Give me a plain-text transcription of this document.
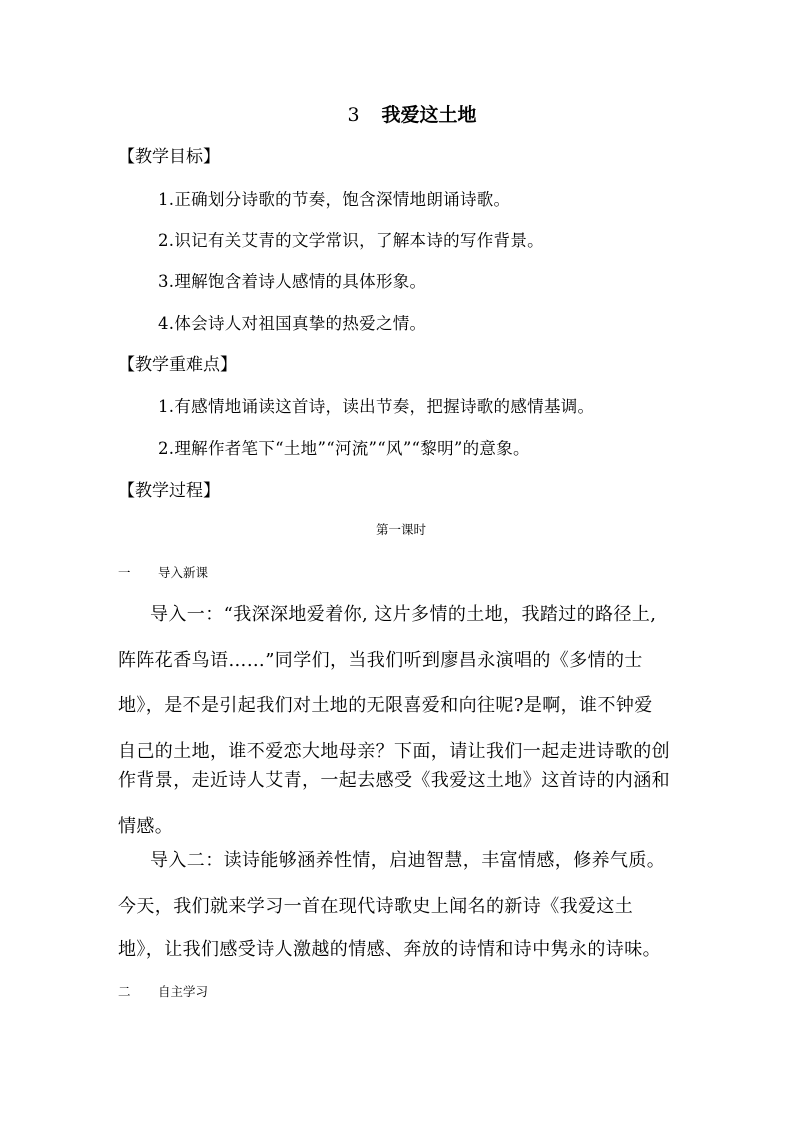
3 我爱这土地
【教学目标】
1.正确划分诗歌的节奏，饱含深情地朗诵诗歌。
2.识记有关艾青的文学常识，了解本诗的写作背景。
3.理解饱含着诗人感情的具体形象。
4.体会诗人对祖国真挚的热爱之情。
【教学重难点】
1.有感情地诵读这首诗，读出节奏，把握诗歌的感情基调。
2.理解作者笔下“土地”“河流”“风”“黎明”的意象。
【教学过程】
第一课时
一 导入新课
导入一：“我深深地爱着你, 这片多情的土地，我踏过的路径上,
阵阵花香鸟语……”同学们，当我们听到廖昌永演唱的《多情的士
地》，是不是引起我们对土地的无限喜爱和向往呢?是啊，谁不钟爱
自己的土地，谁不爱恋大地母亲？下面，请让我们一起走进诗歌的创
作背景，走近诗人艾青，一起去感受《我爱这土地》这首诗的内涵和
情感。
导入二：读诗能够涵养性情，启迪智慧，丰富情感，修养气质。
今天，我们就来学习一首在现代诗歌史上闻名的新诗《我爱这土
地》，让我们感受诗人激越的情感、奔放的诗情和诗中隽永的诗味。
二 自主学习
